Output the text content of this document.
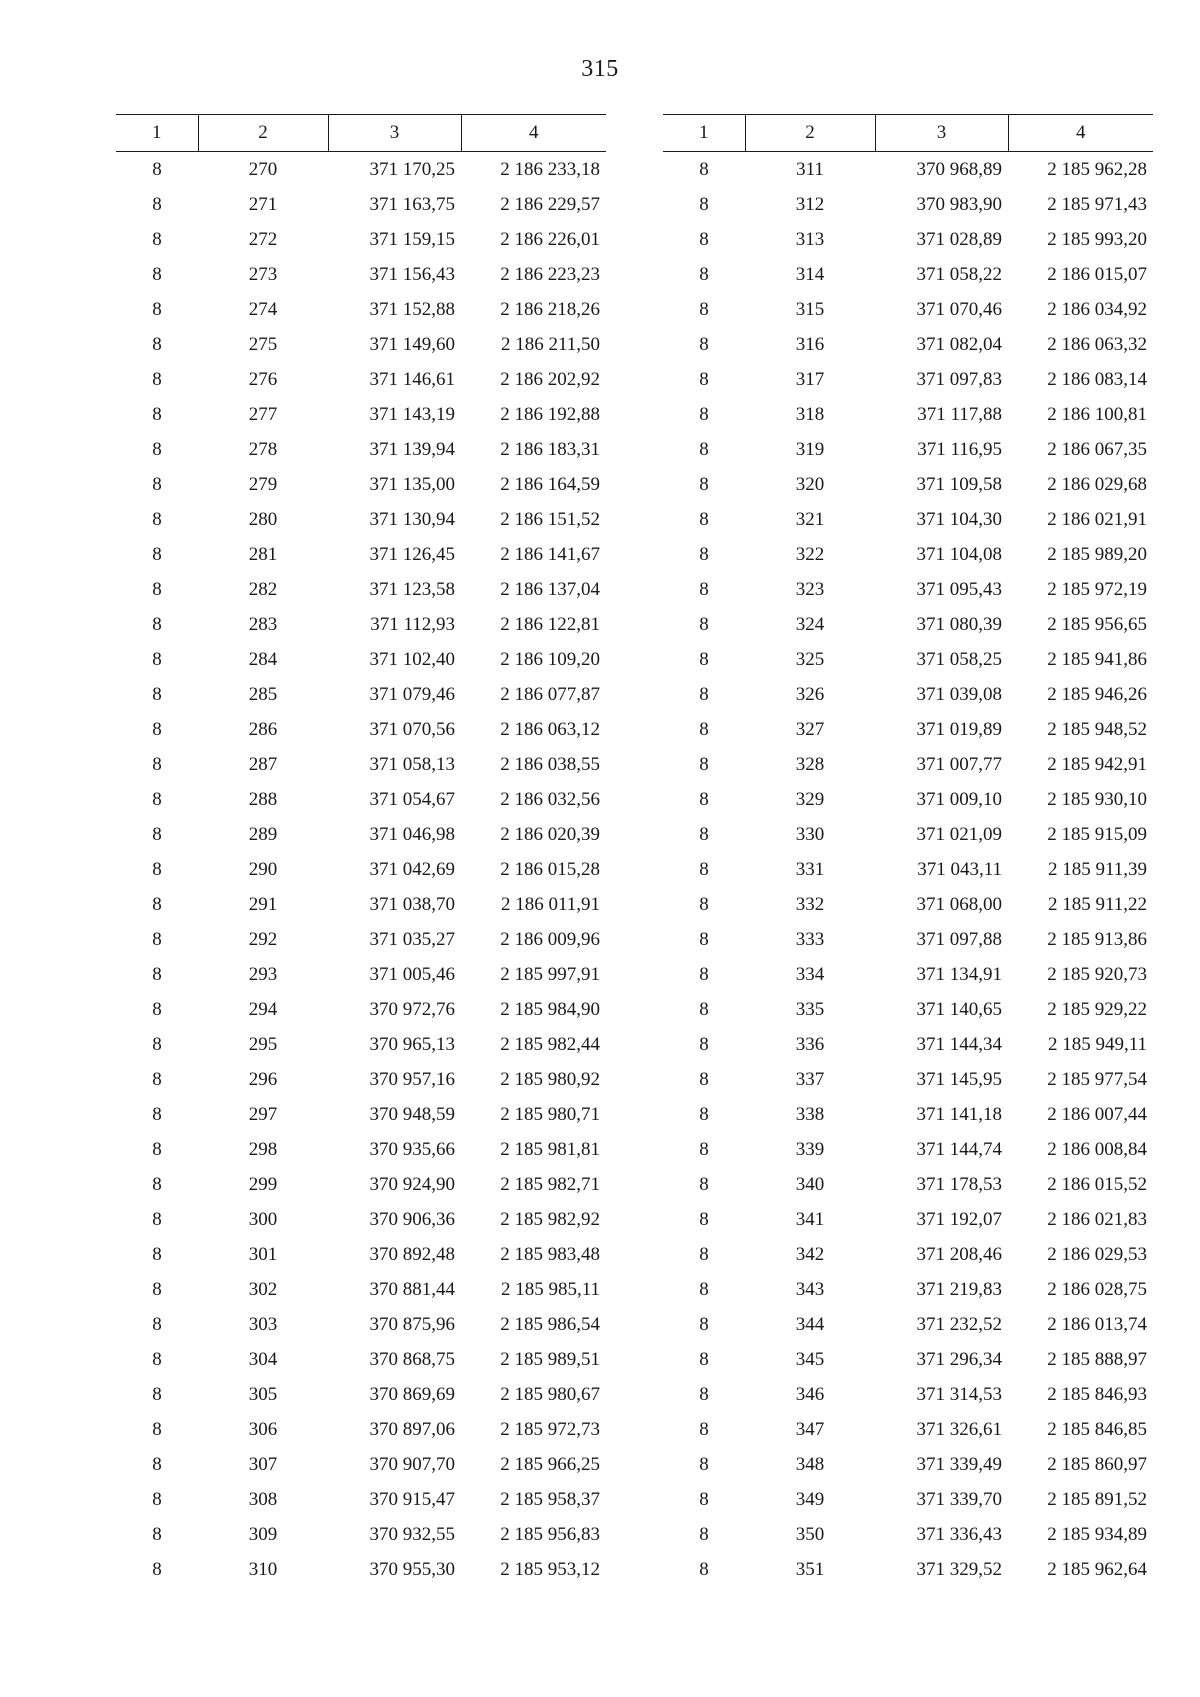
315
1	2	3	4
8	270	371 170,25	2 186 233,18
8	271	371 163,75	2 186 229,57
8	272	371 159,15	2 186 226,01
8	273	371 156,43	2 186 223,23
8	274	371 152,88	2 186 218,26
8	275	371 149,60	2 186 211,50
8	276	371 146,61	2 186 202,92
8	277	371 143,19	2 186 192,88
8	278	371 139,94	2 186 183,31
8	279	371 135,00	2 186 164,59
8	280	371 130,94	2 186 151,52
8	281	371 126,45	2 186 141,67
8	282	371 123,58	2 186 137,04
8	283	371 112,93	2 186 122,81
8	284	371 102,40	2 186 109,20
8	285	371 079,46	2 186 077,87
8	286	371 070,56	2 186 063,12
8	287	371 058,13	2 186 038,55
8	288	371 054,67	2 186 032,56
8	289	371 046,98	2 186 020,39
8	290	371 042,69	2 186 015,28
8	291	371 038,70	2 186 011,91
8	292	371 035,27	2 186 009,96
8	293	371 005,46	2 185 997,91
8	294	370 972,76	2 185 984,90
8	295	370 965,13	2 185 982,44
8	296	370 957,16	2 185 980,92
8	297	370 948,59	2 185 980,71
8	298	370 935,66	2 185 981,81
8	299	370 924,90	2 185 982,71
8	300	370 906,36	2 185 982,92
8	301	370 892,48	2 185 983,48
8	302	370 881,44	2 185 985,11
8	303	370 875,96	2 185 986,54
8	304	370 868,75	2 185 989,51
8	305	370 869,69	2 185 980,67
8	306	370 897,06	2 185 972,73
8	307	370 907,70	2 185 966,25
8	308	370 915,47	2 185 958,37
8	309	370 932,55	2 185 956,83
8	310	370 955,30	2 185 953,12
1	2	3	4
8	311	370 968,89	2 185 962,28
8	312	370 983,90	2 185 971,43
8	313	371 028,89	2 185 993,20
8	314	371 058,22	2 186 015,07
8	315	371 070,46	2 186 034,92
8	316	371 082,04	2 186 063,32
8	317	371 097,83	2 186 083,14
8	318	371 117,88	2 186 100,81
8	319	371 116,95	2 186 067,35
8	320	371 109,58	2 186 029,68
8	321	371 104,30	2 186 021,91
8	322	371 104,08	2 185 989,20
8	323	371 095,43	2 185 972,19
8	324	371 080,39	2 185 956,65
8	325	371 058,25	2 185 941,86
8	326	371 039,08	2 185 946,26
8	327	371 019,89	2 185 948,52
8	328	371 007,77	2 185 942,91
8	329	371 009,10	2 185 930,10
8	330	371 021,09	2 185 915,09
8	331	371 043,11	2 185 911,39
8	332	371 068,00	2 185 911,22
8	333	371 097,88	2 185 913,86
8	334	371 134,91	2 185 920,73
8	335	371 140,65	2 185 929,22
8	336	371 144,34	2 185 949,11
8	337	371 145,95	2 185 977,54
8	338	371 141,18	2 186 007,44
8	339	371 144,74	2 186 008,84
8	340	371 178,53	2 186 015,52
8	341	371 192,07	2 186 021,83
8	342	371 208,46	2 186 029,53
8	343	371 219,83	2 186 028,75
8	344	371 232,52	2 186 013,74
8	345	371 296,34	2 185 888,97
8	346	371 314,53	2 185 846,93
8	347	371 326,61	2 185 846,85
8	348	371 339,49	2 185 860,97
8	349	371 339,70	2 185 891,52
8	350	371 336,43	2 185 934,89
8	351	371 329,52	2 185 962,64
